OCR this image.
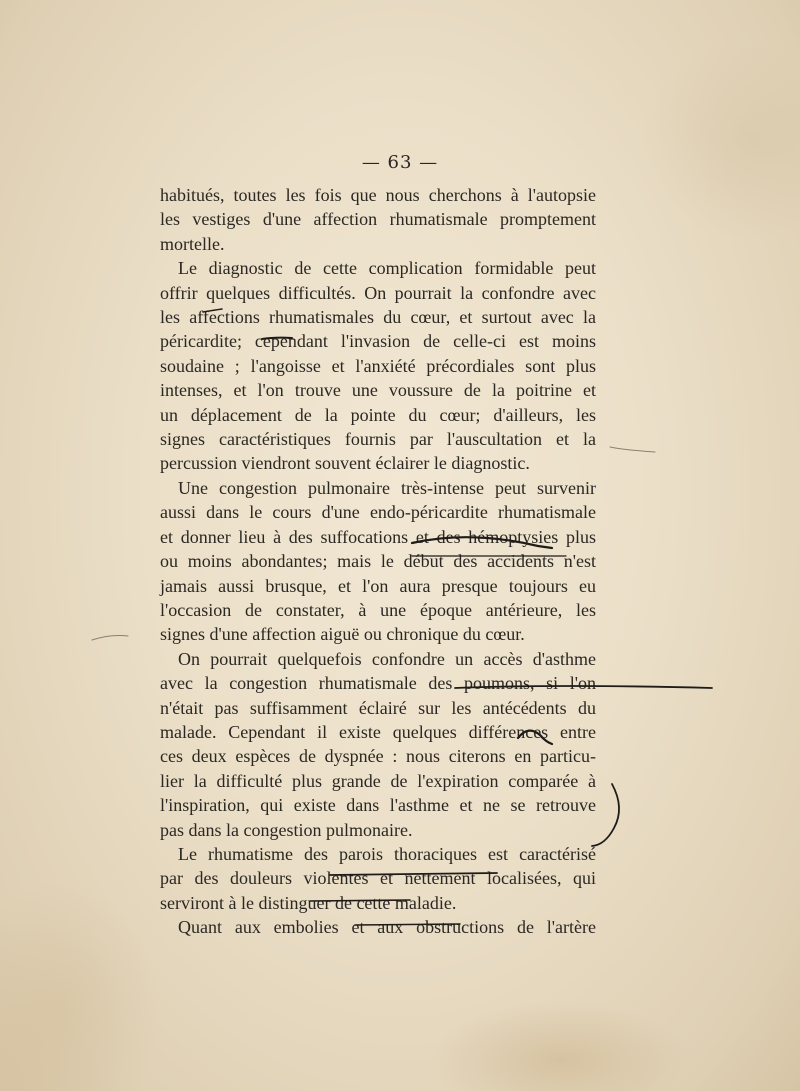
— 63 —
habitués, toutes les fois que nous cherchons à l'autopsie
les vestiges d'une affection rhumatismale promptement
mortelle.
Le diagnostic de cette complication formidable peut
offrir quelques difficultés. On pourrait la confondre avec
les affections rhumatismales du cœur, et surtout avec la
péricardite; cependant l'invasion de celle-ci est moins
soudaine ; l'angoisse et l'anxiété précordiales sont plus
intenses, et l'on trouve une voussure de la poitrine et
un déplacement de la pointe du cœur; d'ailleurs, les
signes caractéristiques fournis par l'auscultation et la
percussion viendront souvent éclairer le diagnostic.
Une congestion pulmonaire très-intense peut survenir
aussi dans le cours d'une endo-péricardite rhumatismale
et donner lieu à des suffocations et des hémoptysies plus
ou moins abondantes; mais le début des accidents n'est
jamais aussi brusque, et l'on aura presque toujours eu
l'occasion de constater, à une époque antérieure, les
signes d'une affection aiguë ou chronique du cœur.
On pourrait quelquefois confondre un accès d'asthme
avec la congestion rhumatismale des poumons, si l'on
n'était pas suffisamment éclairé sur les antécédents du
malade. Cependant il existe quelques différences entre
ces deux espèces de dyspnée : nous citerons en particu-
lier la difficulté plus grande de l'expiration comparée à
l'inspiration, qui existe dans l'asthme et ne se retrouve
pas dans la congestion pulmonaire.
Le rhumatisme des parois thoraciques est caractérisé
par des douleurs violentes et nettement localisées, qui
serviront à le distinguer de cette maladie.
Quant aux embolies et aux obstructions de l'artère
